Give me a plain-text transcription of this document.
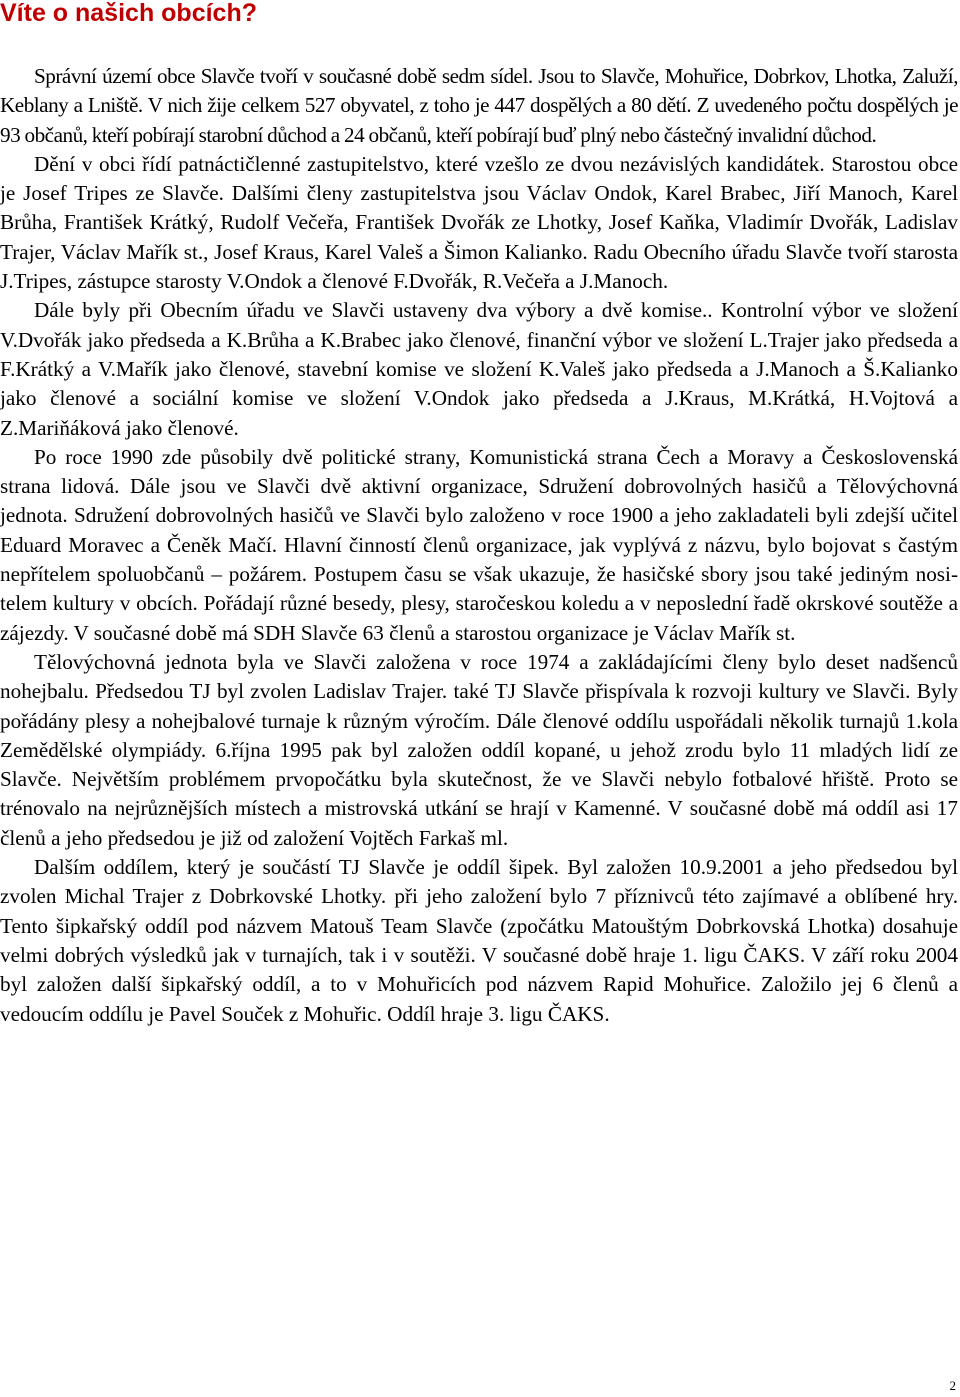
Víte o našich obcích?

Správní území obce Slavče tvoří v současné době sedm sídel. Jsou to Slavče, Mohuřice, Dobrkov, Lhotka, Zaluží, Keblany a Lniště. V nich žije celkem 527 obyvatel, z toho je 447 dospělých a 80 dětí. Z uvedeného počtu dospělých je 93 občanů, kteří pobírají starobní důchod a 24 občanů, kteří pobírají buď plný nebo částečný invalidní důchod.

Dění v obci řídí patnáctičlenné zastupitelstvo, které vzešlo ze dvou nezávislých kandidátek. Starostou obce je Josef Tripes ze Slavče. Dalšími členy zastupitelstva jsou Václav Ondok, Karel Brabec, Jiří Manoch, Karel Brůha, František Krátký, Rudolf Večeřa, František Dvořák ze Lhotky, Josef Kaňka, Vladimír Dvořák, Ladislav Trajer, Václav Mařík st., Josef Kraus, Karel Valeš a Šimon Kalianko. Radu Obecního úřadu Slavče tvoří starosta J.Tripes, zástupce starosty V.Ondok a členové F.Dvořák, R.Večeřa a J.Manoch.

Dále byly při Obecním úřadu ve Slavči ustaveny dva výbory a dvě komise.. Kontrolní výbor ve složení V.Dvořák jako předseda a K.Brůha a K.Brabec jako členové, finanční výbor ve složení L.Trajer jako předseda a F.Krátký a V.Mařík jako členové, stavební komise ve složení K.Valeš jako předseda a J.Manoch a Š.Kalianko jako členové a sociální komise ve složení V.Ondok jako předseda a J.Kraus, M.Krátká, H.Vojtová a Z.Mariňáková jako členové.

Po roce 1990 zde působily dvě politické strany, Komunistická strana Čech a Moravy a Československá strana lidová. Dále jsou ve Slavči dvě aktivní organizace, Sdružení dobrovolných hasičů a Tělovýchovná jednota. Sdružení dobrovolných hasičů ve Slavči bylo založeno v roce 1900 a jeho zakladateli byli zdejší učitel Eduard Moravec a Čeněk Mačí. Hlavní činností členů organizace, jak vyplývá z názvu, bylo bojovat s častým nepřítelem spoluobčanů – požárem. Postupem času se však ukazuje, že hasičské sbory jsou také jediným nositelem kultury v obcích. Pořádají různé besedy, plesy, staročeskou koledu a v neposlední řadě okrskové soutěže a zájezdy. V současné době má SDH Slavče 63 členů a starostou organizace je Václav Mařík st.

Tělovýchovná jednota byla ve Slavči založena v roce 1974 a zakládajícími členy bylo deset nadšenců nohejbalu. Předsedou TJ byl zvolen Ladislav Trajer. také TJ Slavče přispívala k rozvoji kultury ve Slavči. Byly pořádány plesy a nohejbalové turnaje k různým výročím. Dále členové oddílu uspořádali několik turnajů 1.kola Zemědělské olympiády. 6.října 1995 pak byl založen oddíl kopané, u jehož zrodu bylo 11 mladých lidí ze Slavče. Největším problémem prvopočátku byla skutečnost, že ve Slavči nebylo fotbalové hřiště. Proto se trénovalo na nejrůznějších místech a mistrovská utkání se hrají v Kamenné. V současné době má oddíl asi 17 členů a jeho předsedou je již od založení Vojtěch Farkaš ml.

Dalším oddílem, který je součástí TJ Slavče je oddíl šipek. Byl založen 10.9.2001 a jeho předsedou byl zvolen Michal Trajer z Dobrkovské Lhotky. při jeho založení bylo 7 příznivců této zajímavé a oblíbené hry. Tento šipkařský oddíl pod názvem Matouš Team Slavče (zpočátku Matouštým Dobrkovská Lhotka) dosahuje velmi dobrých výsledků jak v turnajích, tak i v soutěži. V současné době hraje 1. ligu ČAKS. V září roku 2004 byl založen další šipkařský oddíl, a to v Mohuřicích pod názvem Rapid Mohuřice. Založilo jej 6 členů a vedoucím oddílu je Pavel Souček z Mohuřic. Oddíl hraje 3. ligu ČAKS.

2
